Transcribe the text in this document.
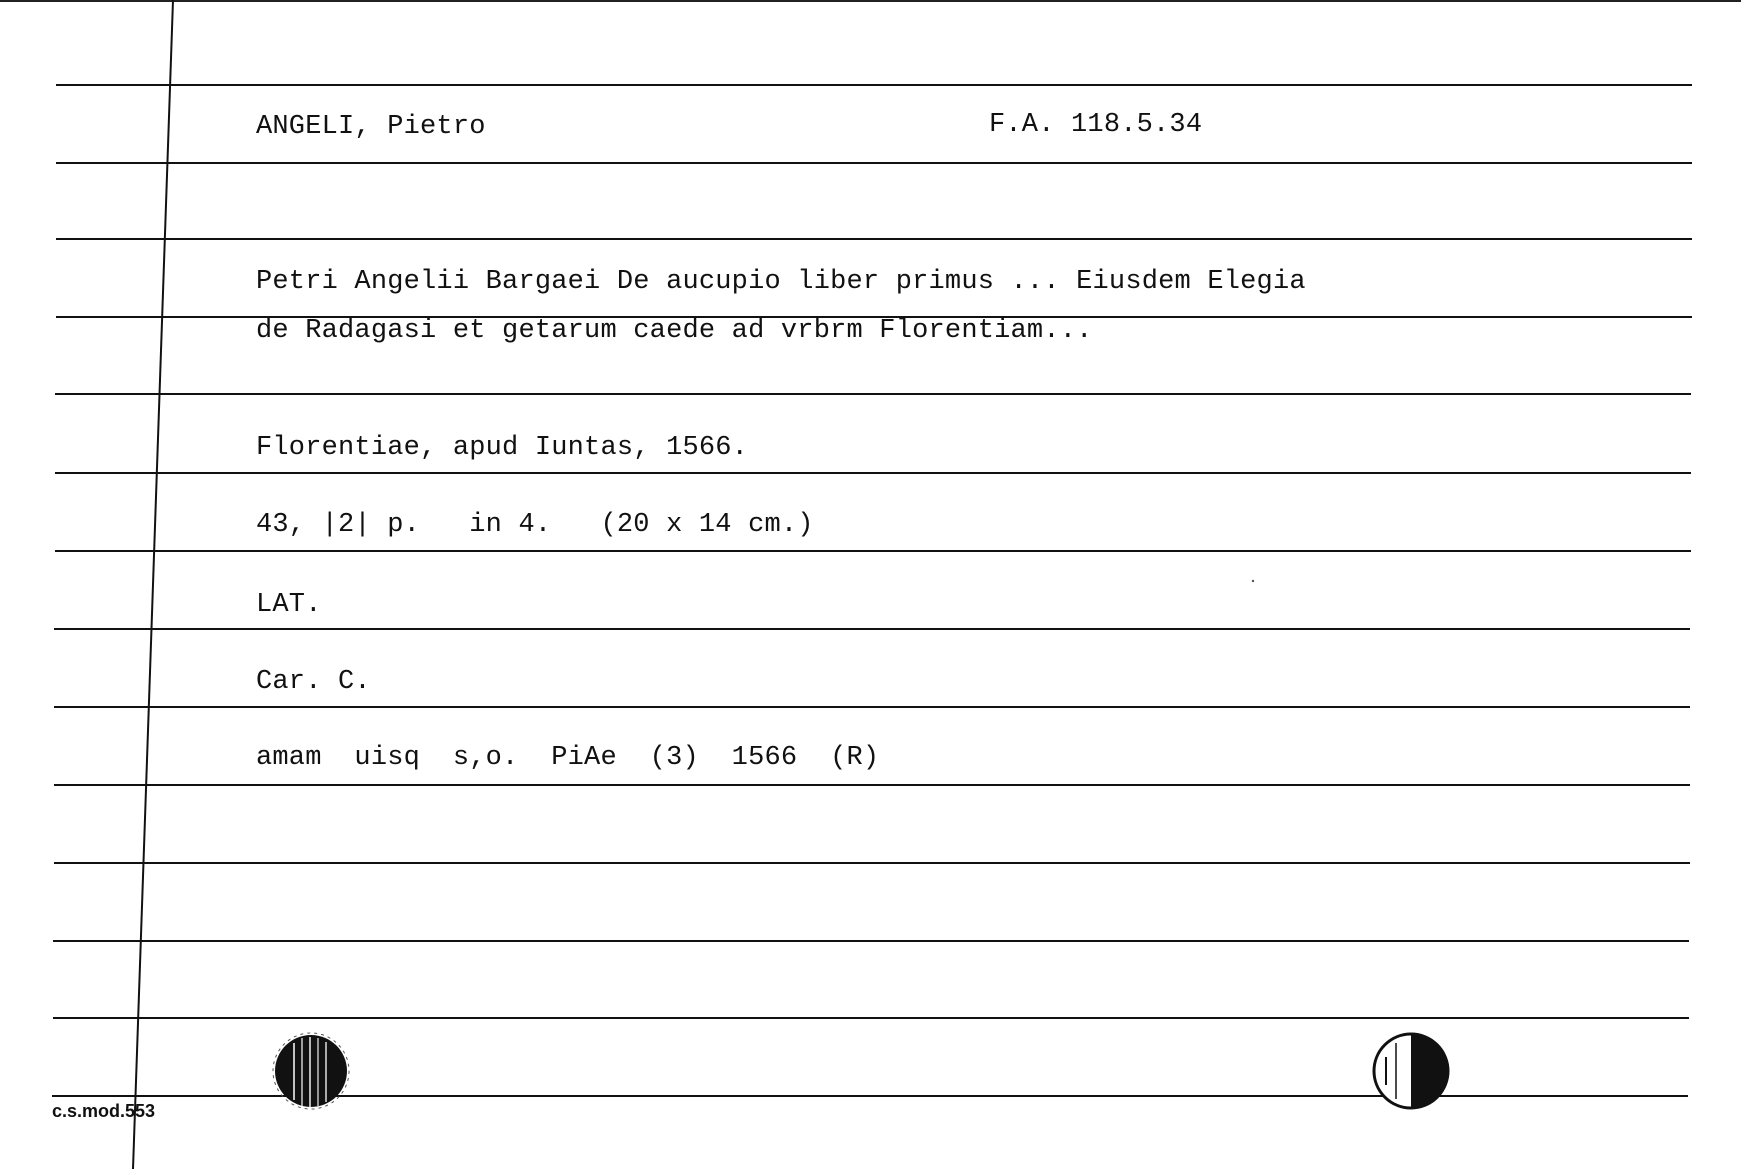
ANGELI, Pietro	F.A. 118.5.34
Petri Angelii Bargaei De aucupio liber primus ... Eiusdem Elegia
de Radagasi et getarum caede ad vrbrm Florentiam...
Florentiae, apud Iuntas, 1566.
43, |2| p.   in 4.   (20 x 14 cm.)
LAT.
Car. C.
amam  uisq  s,o.  PiAe  (3)  1566  (R)
c.s.mod.553
